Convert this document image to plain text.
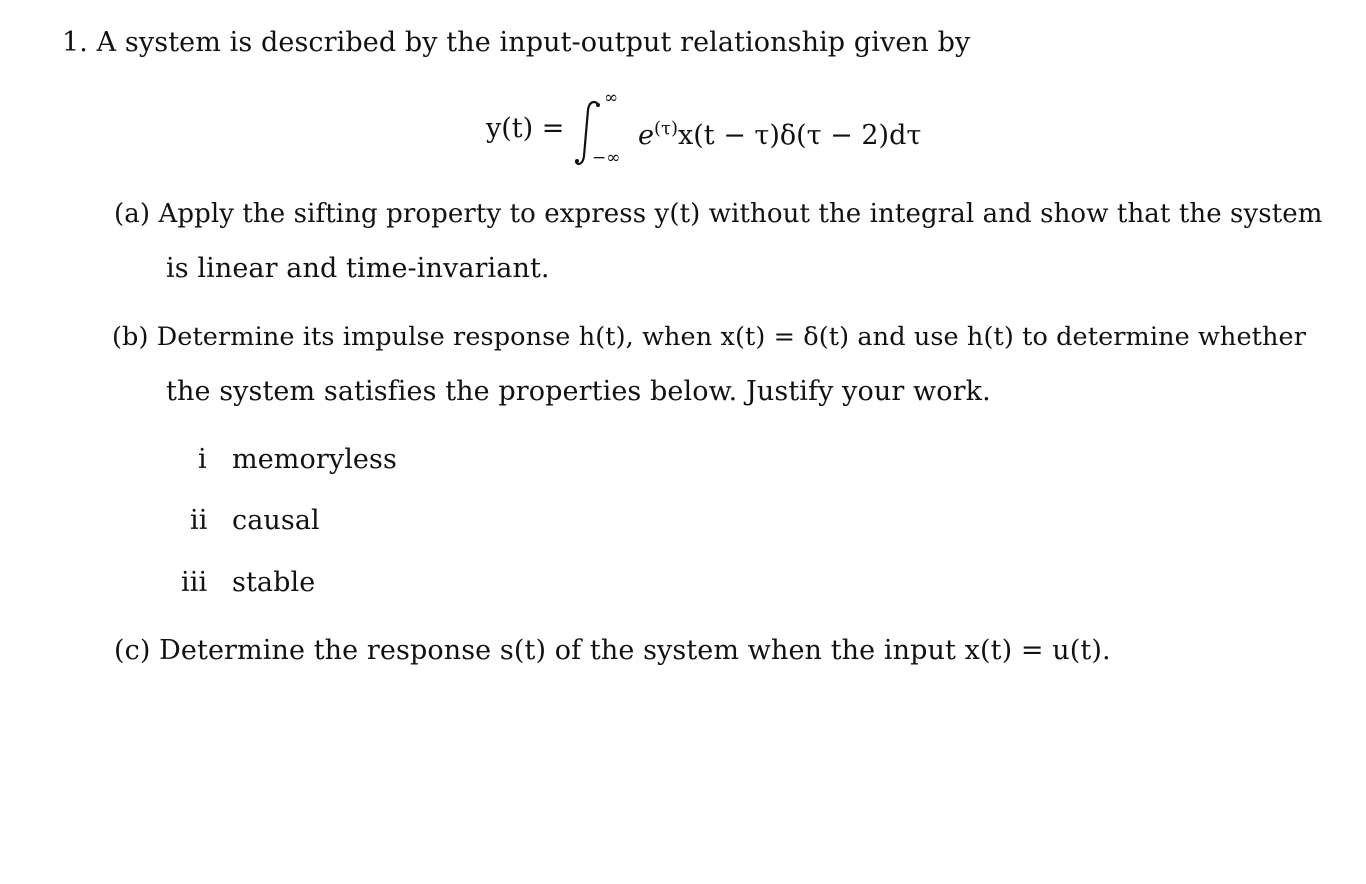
1. A system is described by the input-output relationship given by
y(t) =
∞
−∞
$e^{(\tau)}x(t - \tau)\delta(\tau - 2)d\tau$
(a) Apply the sifting property to express y(t) without the integral and show that the system
is linear and time-invariant.
(b) Determine its impulse response h(t), when x(t) = δ(t) and use h(t) to determine whether
the system satisfies the properties below. Justify your work.
i memoryless
ii causal
iii stable
(c) Determine the response s(t) of the system when the input x(t) = u(t).
